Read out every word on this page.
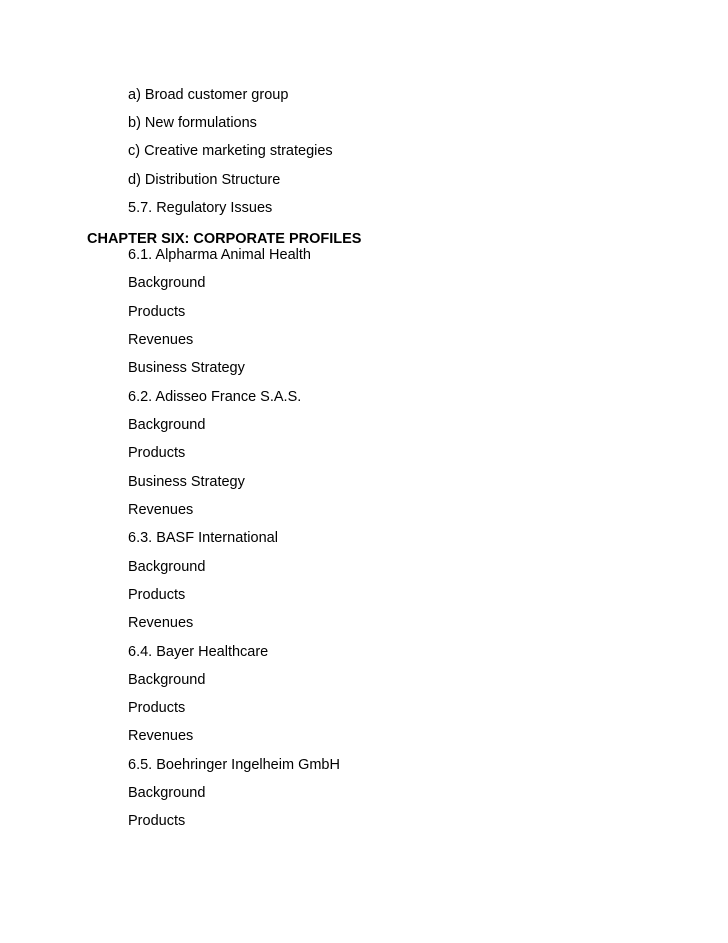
a) Broad customer group
b) New formulations
c) Creative marketing strategies
d) Distribution Structure
5.7. Regulatory Issues
CHAPTER SIX: CORPORATE PROFILES
6.1. Alpharma Animal Health
Background
Products
Revenues
Business Strategy
6.2. Adisseo France S.A.S.
Background
Products
Business Strategy
Revenues
6.3. BASF International
Background
Products
Revenues
6.4. Bayer Healthcare
Background
Products
Revenues
6.5. Boehringer Ingelheim GmbH
Background
Products
